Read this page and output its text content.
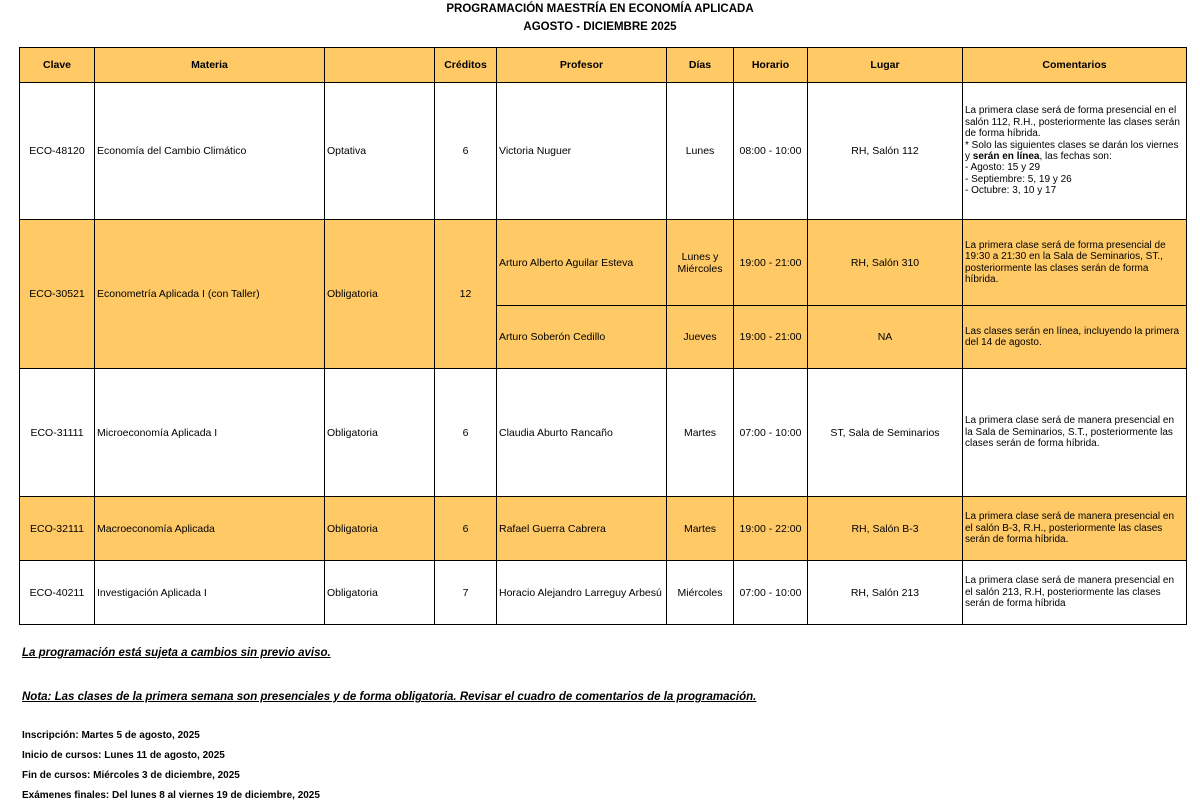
PROGRAMACIÓN MAESTRÍA EN ECONOMÍA APLICADA
AGOSTO - DICIEMBRE 2025
Clave	Materia		Créditos	Profesor	Días	Horario	Lugar	Comentarios
ECO-48120	Economía del Cambio Climático	Optativa	6	Victoria Nuguer	Lunes	08:00 - 10:00	RH, Salón 112	La primera clase será de forma presencial en el salón 112, R.H., posteriormente las clases serán de forma híbrida.
* Solo las siguientes clases se darán los viernes y serán en línea, las fechas son:
- Agosto: 15 y 29
- Septiembre: 5, 19 y 26
- Octubre: 3, 10 y 17

ECO-30521	Econometría Aplicada I (con Taller)	Obligatoria	12	Arturo Alberto Aguilar Esteva	Lunes y Miércoles	19:00 - 21:00	RH, Salón 310	La primera clase será de forma presencial de 19:30 a 21:30 en la Sala de Seminarios, ST., posteriormente las clases serán de forma híbrida.
				Arturo Soberón Cedillo	Jueves	19:00 - 21:00	NA	Las clases serán en línea, incluyendo la primera del 14 de agosto.
ECO-31111	Microeconomía Aplicada I	Obligatoria	6	Claudia Aburto Rancaño	Martes	07:00 - 10:00	ST, Sala de Seminarios	La primera clase será de manera presencial en la Sala de Seminarios, S.T., posteriormente las clases serán de forma híbrida.
ECO-32111	Macroeconomía Aplicada	Obligatoria	6	Rafael Guerra Cabrera	Martes	19:00 - 22:00	RH, Salón B-3	La primera clase será de manera presencial en el salón B-3, R.H., posteriormente las clases serán de forma híbrida.
ECO-40211	Investigación Aplicada I	Obligatoria	7	Horacio Alejandro Larreguy Arbesú	Miércoles	07:00 - 10:00	RH, Salón 213	La primera clase será de manera presencial en el salón 213, R.H, posteriormente las clases serán de forma híbrida
La programación está sujeta a cambios sin previo aviso.
Nota: Las clases de la primera semana son presenciales y de forma obligatoria. Revisar el cuadro de comentarios de la programación.
Inscripción: Martes 5 de agosto, 2025
Inicio de cursos: Lunes 11 de agosto, 2025
Fin de cursos: Miércoles 3 de diciembre, 2025
Exámenes finales: Del lunes 8 al viernes 19 de diciembre, 2025
